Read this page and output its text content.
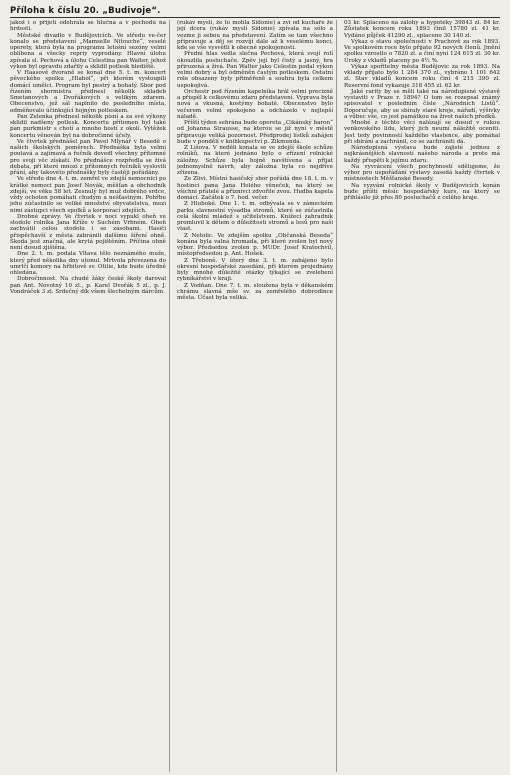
Příloha k číslu 20. „Budivoje“.

jakož i o přijetí odehrála se hlučná a v pochodu na hrdosti.

Městské divadlo v Budějovicích. Ve středu ve-čer konalo se představení „Mamselle Nitouche“, veselé operety, která byla na programu letošní sezóny velmi oblíbena a všecky repríy vyprodány. Hlavní úlohu zpívala sl. Pechová a úlohu Celestina pan Walter, jehož výkon byl opravdu zdařilý a sklidil potlesk hlediště.

V Haasově dvoraně se konal dne 5. t. m. koncert pěveckého spolku „Hlahol“, při kterém vystoupili domácí umělci. Program byl pestrý a bohatý. Sbor pod řízením sbormistra přednesl několik skladeb Smetanových a Dvořákových s velikým zdarem. Obecenstvo, jež sál naplnilo do posledního místa, odměňovalo účinkující hojným potleskem.

Pan Zelenka přednesl několik písní a za své výkony sklidil nadšený potlesk. Koncertu přítomen byl také pan purkmistr s chotí a mnoho hostí z okolí. Výtěžek koncertu věnován byl na dobročinné účely.

Ve čtvrtek přednášel pan Pavel Mlynář v Besedě o našich školských poměrech. Přednáška byla velmi poutavá a zajímavá a řečník dovedl všechny přítomné pro svoji věc získati. Po přednášce rozpředla se živá debata, při které mnozí z přítomných řečníků vyslovili přání, aby takovéto přednášky byly častěji pořádány.

Ve středu dne 4. t. m. zemřel ve zdejší nemocnici po krátké nemoci pan Josef Novák, měšťan a obchodník zdejší, ve věku 58 let. Zesnulý byl muž dobrého srdce, vždy ochoten pomáhati chudým a nešťastným. Pohřbu jeho zúčastnilo se veliké množství obyvatelstva, mezi nimi zástupci všech spolků a korporací zdejších.

Drobné zprávy. Ve čtvrtek v noci vypukl oheň ve stodole rolníka Jana Kříže v Suchém Vrbném. Oheň zachvátil celou stodolu i se zásobami. Hasiči přispěchavší z města zabránili dalšímu šíření ohně. Škoda jest značná, ale krytá pojištěním. Příčina ohně není dosud zjištěna.

Dne 2. t. m. podala Vltava tělo neznámého muže, který před několika dny utonul. Mrtvola převezena do umrlčí komory na hřbitově sv. Otilie, kde bude úředně ohledána.

Dobročinnost. Na chudé žáky české školy daroval pan Ant. Novotný 10 zl., p. Karel Dvořák 5 zl., p. J. Vondráček 3 zl. Srdečný dík všem šlechetným dárcům.

(rukáv myslí, že to mohla Sidonie) a zví od kuchaře že její dcera (rukáv myslí Sidonie) zpívala na sólo a vezme ji sebou na představení. Zatím se tam všechno připravuje a děj se rozvíjí dále až k veselému konci, kde se vše vysvětlí k obecné spokojenosti.

Přední hlas vedla slečna Pechová, která svojí rolí okouzlila posluchače. Zpěv její byl čistý a jasný, hra přirozená a živá. Pan Walter jako Celestin podal výkon velmi dobrý a byl odměněn častým potleskem. Ostatní role obsazeny byly přiměřeně a souhra byla celkem uspokojivá.

Orchestr pod řízením kapelníka hrál velmi precizně a přispěl k celkovému zdaru představení. Výprava byla nová a vkusná, kostýmy bohaté. Obecenstvo bylo večerem velmi spokojeno a odcházelo v nejlepší náladě.

Příští týden sehrána bude opereta „Cikánský baron“ od Johanna Strausse, na kterou se již nyní v městě připravuje veliká pozornost. Předprodej lístků zahájen bude v pondělí v knihkupectví p. Zikmunda.

Z Lišova. V neděli konala se ve zdejší škole schůze rolníků, na které jednáno bylo o zřízení rolnické záložny. Schůze byla hojně navštívena a přijat jednomyslně návrh, aby záložna byla co nejdříve zřízena.

Ze Zlivi. Místní hasičský sbor pořádá dne 18. t. m. v hostinci pana Jana Holého věneček, na který se všichni přátelé a příznivci zdvořile zvou. Hudba kapela domácí. Začátek o 7. hod. večer.

Z Hluboké. Dne 1. t. m. odbývala se v zámeckém parku slavnostní výsadba stromů, které se zúčastnila celá školní mládež s učitelstvem. Knížecí zahradník promluvil k dětem o důležitosti stromů a lesů pro naši vlast.

Z Netolic. Ve zdejším spolku „Občanská Beseda“ konána byla valná hromada, při které zvolen byl nový výbor. Předsedou zvolen p. MUDr. Josef Kratochvíl, místopředsedou p. Ant. Hošek.

Z Třeboně. V úterý dne 3. t. m. zahájeno bylo okresní hospodářské zasedání, při kterém projednány byly mnohé důležité otázky týkající se zvelebení rybníkářství v kraji.

Z Vodňan. Dne 7. t. m. sloužena byla v děkanském chrámu slavná mše sv. za zemřelého dobrodince města. Účast byla veliká.

03 kr. Splaceno na zálohy a hypotéky 39843 zl. 84 kr. Zůstatek koncem roku 1893 činil 15780 zl. 41 kr. Vydáno půjček 41290 zl., splaceno 30 140 zl.

Výkaz o stavu společnosti v Prachově za rok 1893. Ve spolkovém roce bylo přijato 92 nových členů. Jmění spolku vzrostlo o 7820 zl. a činí nyní 124 615 zl. 30 kr. Úroky z vkladů placeny po 4½ %.

Výkaz spořitelny města Budějovic za rok 1893. Na vklady přijato bylo 1 284 370 zl., vybráno 1 101 642 zl. Stav vkladů koncem roku činí 4 215 390 zl. Reservní fond vykazuje 318 455 zl. 62 kr.

Jaké rarity by se měli také na národopisné výstavě vystaviti v Praze r. 1894? O tom se rozepsal známý spisovatel v posledním čísle „Národních Listů“. Doporučuje, aby se sbíraly staré kroje, nářadí, výšivky a vůbec vše, co jest památkou na život našich předků.

Mnohé z těchto věcí nalézají se dosud v rukou venkovského lidu, který jich neumí náležitě oceniti. Jest tedy povinností každého vlastence, aby pomáhal při sbírání a zachránil, co se zachrániti dá.

Národopisná výstava bude zajisté jednou z nejkrásnějších slavností našeho národa a proto má každý přispěti k jejímu zdaru.

Na vyvrácení všech pochybností sdělujeme, že výbor pro uspořádání výstavy zasedá každý čtvrtek v místnostech Měšťanské Besedy.

Na vyzvání rolnické školy v Budějovicích konán bude příští měsíc hospodářský kurs, na který se přihlásilo již přes 80 posluchačů z celého kraje.
